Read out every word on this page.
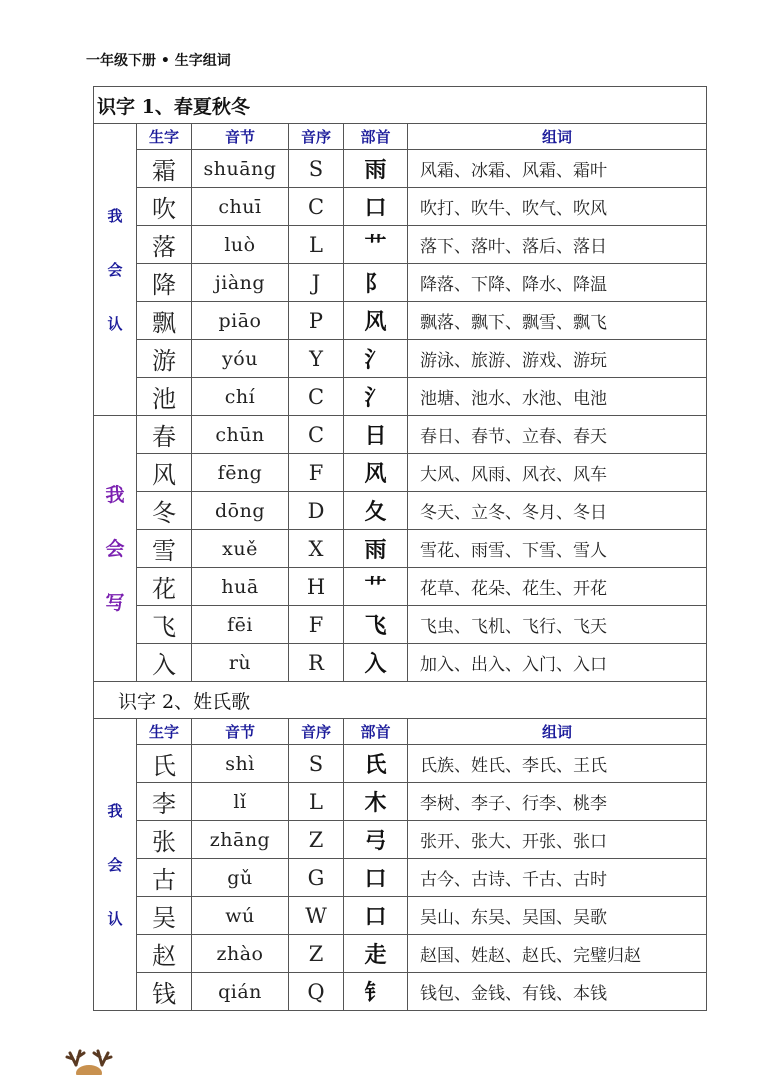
一年级下册 • 生字组词
识字 1、春夏秋冬					

我
会
认	生字	音节	音序	部首	组词
	霜	shuāng	S	雨	风霜、冰霜、风霜、霜叶
	吹	chuī	C	口	吹打、吹牛、吹气、吹风
	落	luò	L	艹	落下、落叶、落后、落日
	降	jiàng	J	阝	降落、下降、降水、降温
	飘	piāo	P	风	飘落、飘下、飘雪、飘飞
	游	yóu	Y	氵	游泳、旅游、游戏、游玩
	池	chí	C	氵	池塘、池水、水池、电池

我
会
写	春	chūn	C	日	春日、春节、立春、春天
	风	fēng	F	风	大风、风雨、风衣、风车
	冬	dōng	D	夂	冬天、立冬、冬月、冬日
	雪	xuě	X	雨	雪花、雨雪、下雪、雪人
	花	huā	H	艹	花草、花朵、花生、开花
	飞	fēi	F	飞	飞虫、飞机、飞行、飞天
	入	rù	R	入	加入、出入、入门、入口
识字 2、姓氏歌					

我
会
认	生字	音节	音序	部首	组词
	氏	shì	S	氏	氏族、姓氏、李氏、王氏
	李	lǐ	L	木	李树、李子、行李、桃李
	张	zhāng	Z	弓	张开、张大、开张、张口
	古	gǔ	G	口	古今、古诗、千古、古时
	吴	wú	W	口	吴山、东吴、吴国、吴歌
	赵	zhào	Z	走	赵国、姓赵、赵氏、完璧归赵
	钱	qián	Q	钅	钱包、金钱、有钱、本钱
